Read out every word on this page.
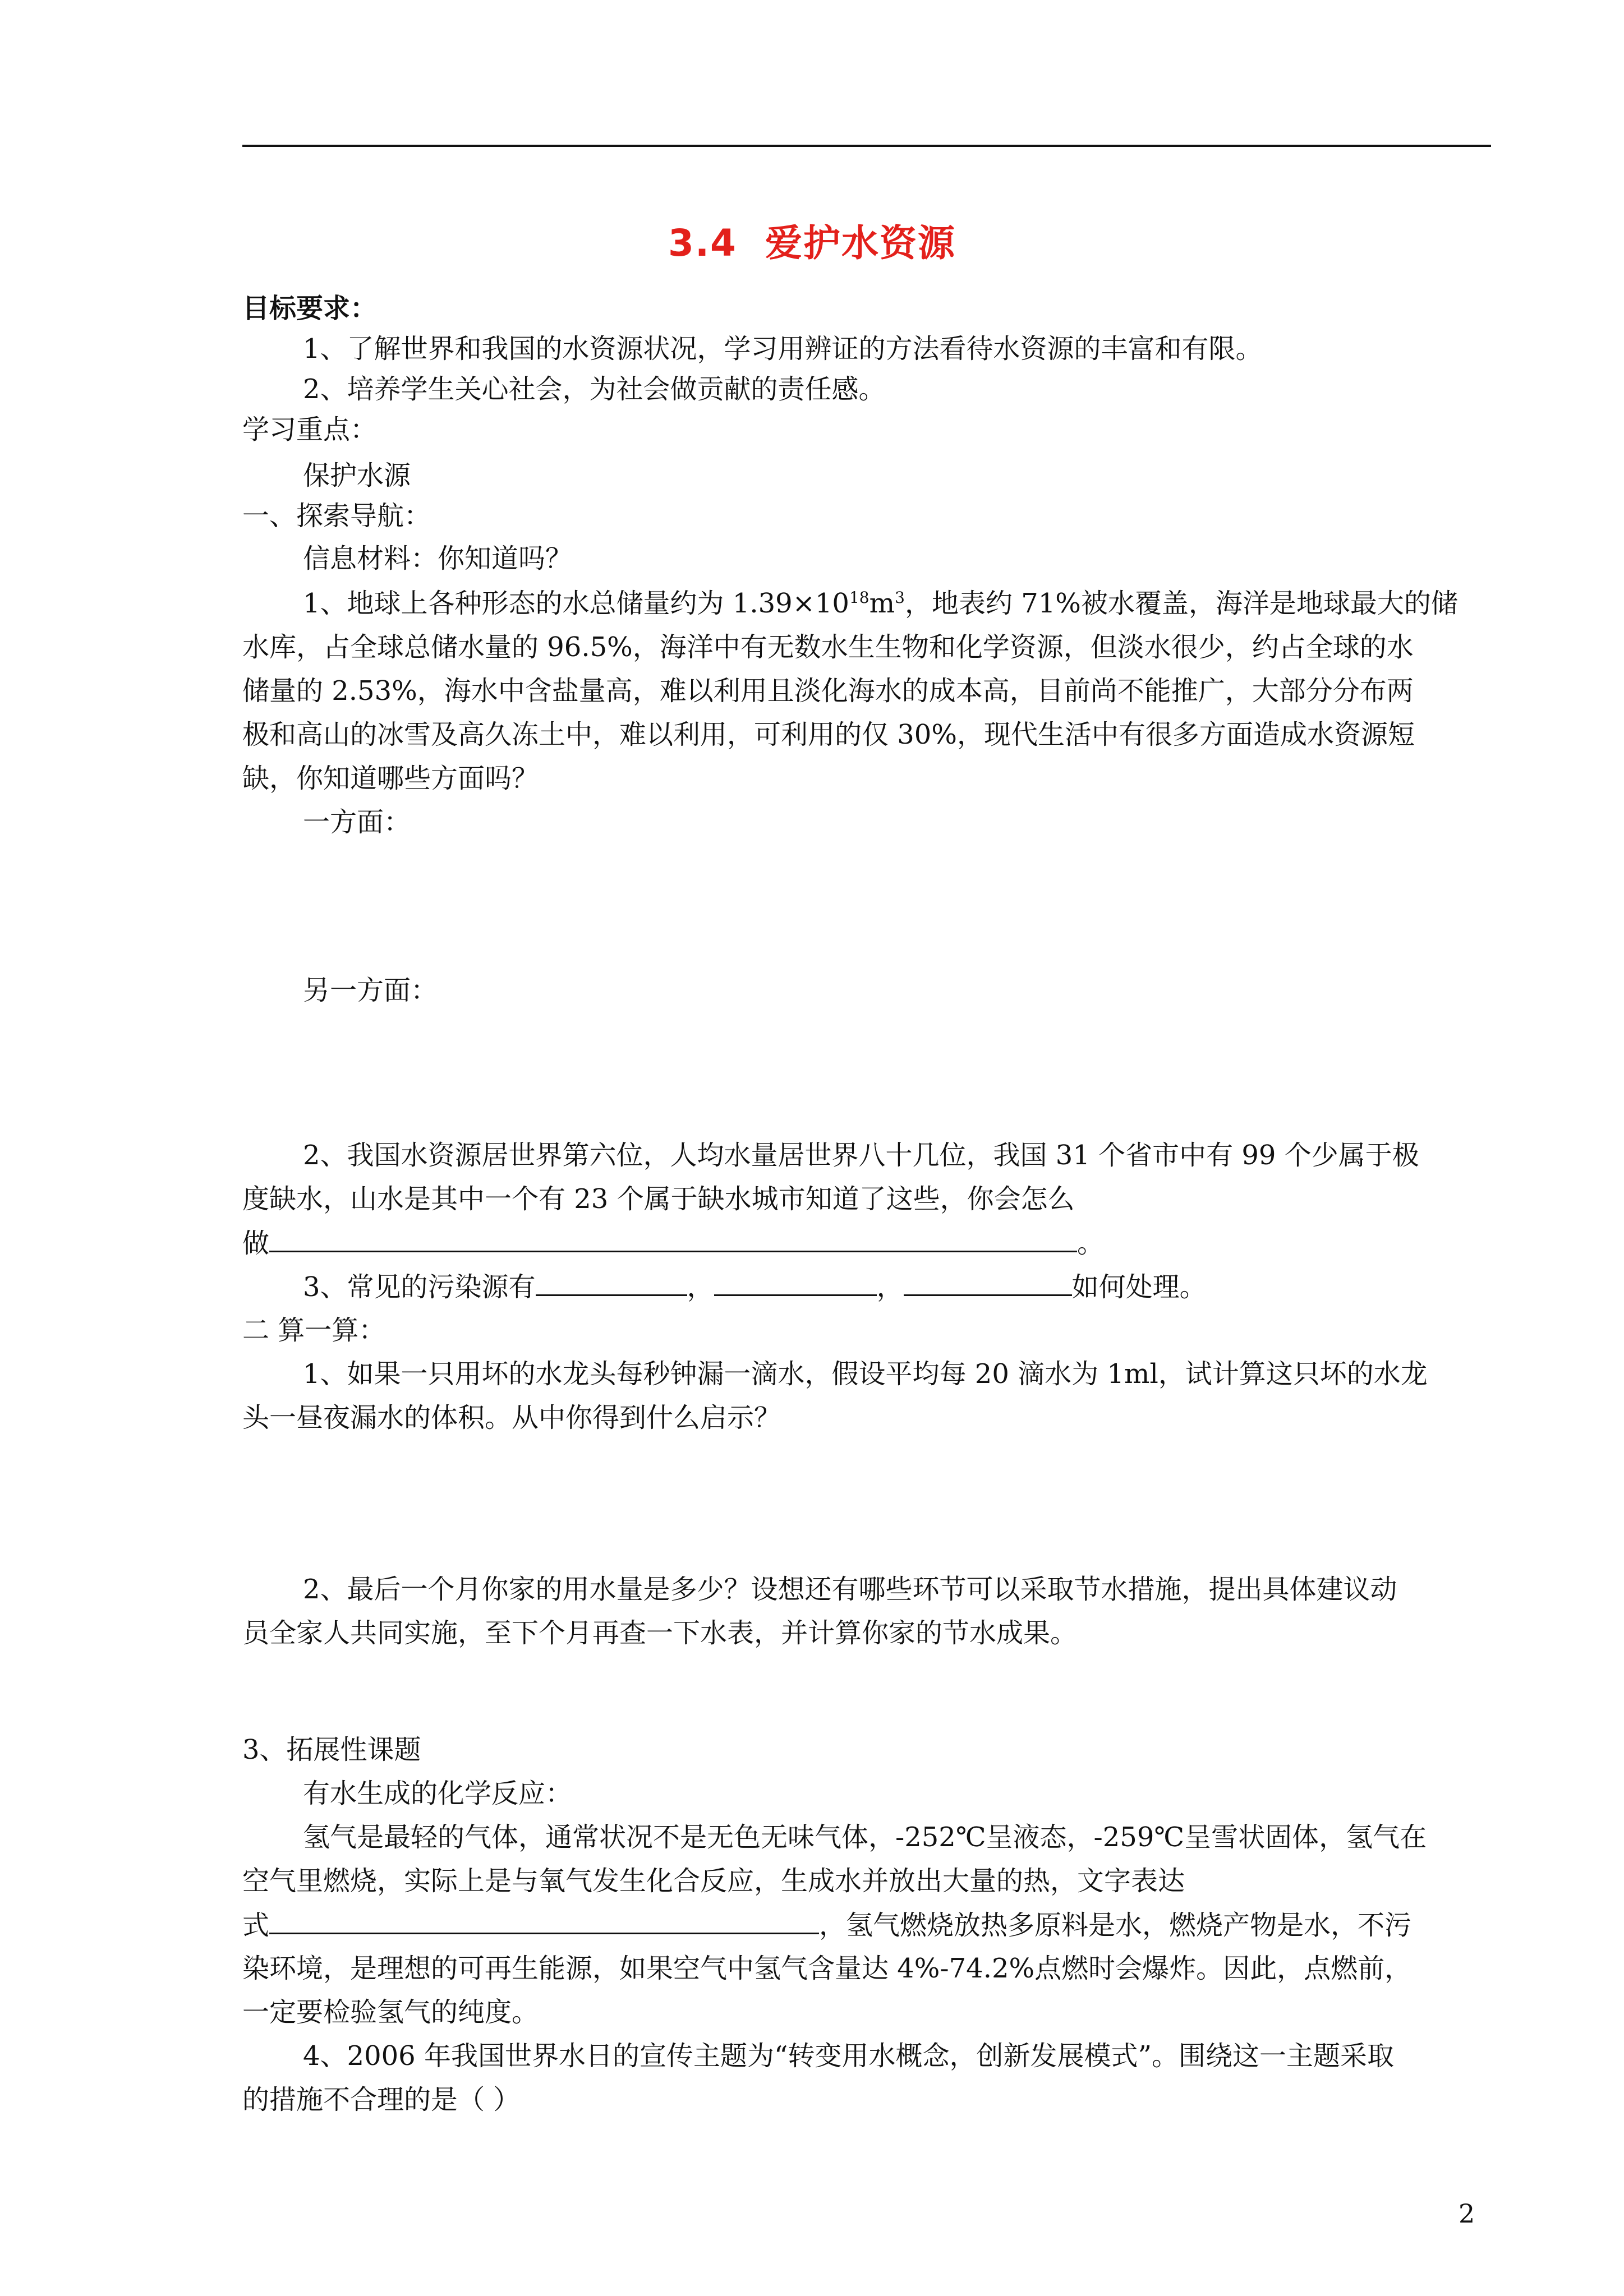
3.4 爱护水资源
目标要求：
1、了解世界和我国的水资源状况，学习用辨证的方法看待水资源的丰富和有限。
2、培养学生关心社会，为社会做贡献的责任感。
学习重点：
保护水源
一、探索导航：
信息材料：你知道吗？
1、地球上各种形态的水总储量约为 $1.39\times 10^{18}m^3$，地表约 71%被水覆盖，海洋是地球最大的储
水库，占全球总储水量的 96.5%，海洋中有无数水生生物和化学资源，但淡水很少，约占全球的水
储量的 2.53%，海水中含盐量高，难以利用且淡化海水的成本高，目前尚不能推广，大部分分布两
极和高山的冰雪及高久冻土中，难以利用，可利用的仅 30%，现代生活中有很多方面造成水资源短
缺，你知道哪些方面吗？
一方面：
另一方面：
2、我国水资源居世界第六位，人均水量居世界八十几位，我国 31 个省市中有 99 个少属于极
度缺水，山水是其中一个有 23 个属于缺水城市知道了这些，你会怎么
做	。
3、常见的污染源有	，	，	如何处理。
二 算一算：
1、如果一只用坏的水龙头每秒钟漏一滴水，假设平均每 20 滴水为 1ml，试计算这只坏的水龙
头一昼夜漏水的体积。从中你得到什么启示？
2、最后一个月你家的用水量是多少？设想还有哪些环节可以采取节水措施，提出具体建议动
员全家人共同实施，至下个月再查一下水表，并计算你家的节水成果。
3、拓展性课题
有水生成的化学反应：
氢气是最轻的气体，通常状况不是无色无味气体，-252℃呈液态，-259℃呈雪状固体，氢气在
空气里燃烧，实际上是与氧气发生化合反应，生成水并放出大量的热，文字表达
式	，氢气燃烧放热多原料是水，燃烧产物是水，不污
染环境，是理想的可再生能源，如果空气中氢气含量达 4%-74.2%点燃时会爆炸。因此，点燃前，
一定要检验氢气的纯度。
4、2006 年我国世界水日的宣传主题为“转变用水概念，创新发展模式”。围绕这一主题采取
的措施不合理的是（ ）
2
